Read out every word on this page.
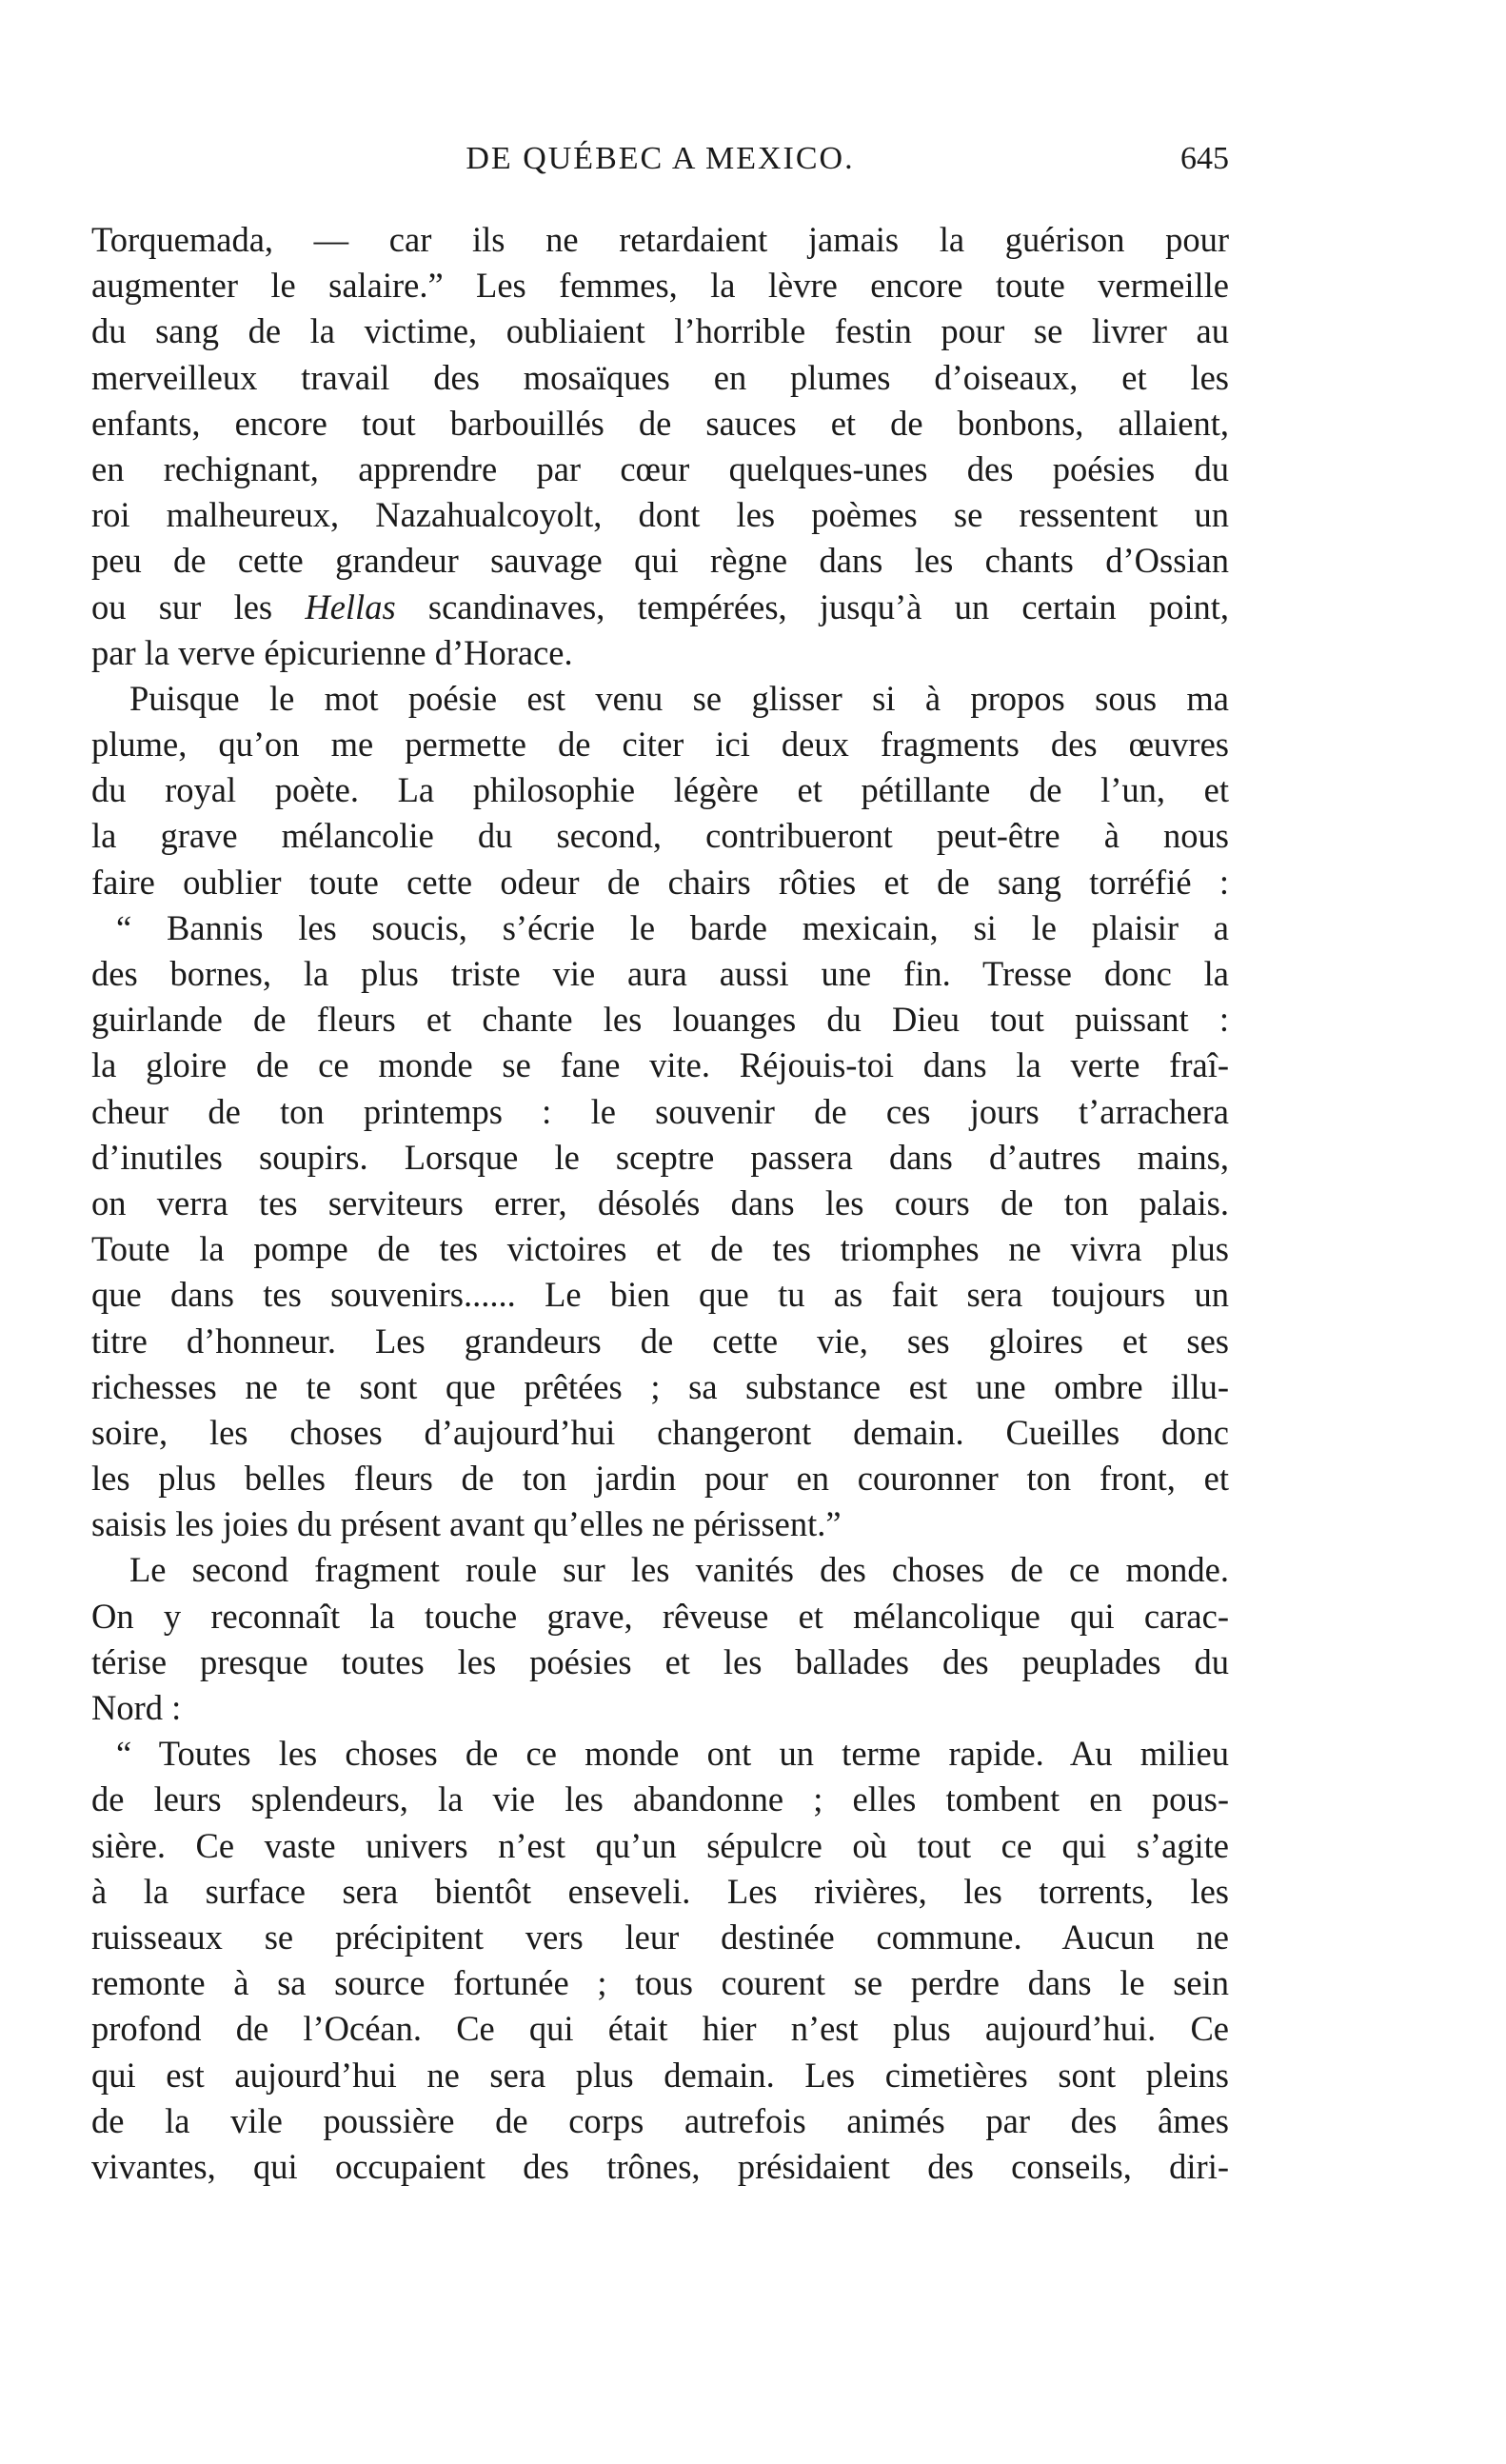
DE QUÉBEC A MEXICO.	645
Torquemada, — car ils ne retardaient jamais la guérison pour
augmenter le salaire.” Les femmes, la lèvre encore toute vermeille
du sang de la victime, oubliaient l’horrible festin pour se livrer au
merveilleux travail des mosaïques en plumes d’oiseaux, et les
enfants, encore tout barbouillés de sauces et de bonbons, allaient,
en rechignant, apprendre par cœur quelques-unes des poésies du
roi malheureux, Nazahualcoyolt, dont les poèmes se ressentent un
peu de cette grandeur sauvage qui règne dans les chants d’Ossian
ou sur les Hellas scandinaves, tempérées, jusqu’à un certain point,
par la verve épicurienne d’Horace.
Puisque le mot poésie est venu se glisser si à propos sous ma
plume, qu’on me permette de citer ici deux fragments des œuvres
du royal poète. La philosophie légère et pétillante de l’un, et
la grave mélancolie du second, contribueront peut-être à nous
faire oublier toute cette odeur de chairs rôties et de sang torréfié :
“ Bannis les soucis, s’écrie le barde mexicain, si le plaisir a
des bornes, la plus triste vie aura aussi une fin. Tresse donc la
guirlande de fleurs et chante les louanges du Dieu tout puissant :
la gloire de ce monde se fane vite. Réjouis-toi dans la verte fraî-
cheur de ton printemps : le souvenir de ces jours t’arrachera
d’inutiles soupirs. Lorsque le sceptre passera dans d’autres mains,
on verra tes serviteurs errer, désolés dans les cours de ton palais.
Toute la pompe de tes victoires et de tes triomphes ne vivra plus
que dans tes souvenirs...... Le bien que tu as fait sera toujours un
titre d’honneur. Les grandeurs de cette vie, ses gloires et ses
richesses ne te sont que prêtées ; sa substance est une ombre illu-
soire, les choses d’aujourd’hui changeront demain. Cueilles donc
les plus belles fleurs de ton jardin pour en couronner ton front, et
saisis les joies du présent avant qu’elles ne périssent.”
Le second fragment roule sur les vanités des choses de ce monde.
On y reconnaît la touche grave, rêveuse et mélancolique qui carac-
térise presque toutes les poésies et les ballades des peuplades du
Nord :
“ Toutes les choses de ce monde ont un terme rapide. Au milieu
de leurs splendeurs, la vie les abandonne ; elles tombent en pous-
sière. Ce vaste univers n’est qu’un sépulcre où tout ce qui s’agite
à la surface sera bientôt enseveli. Les rivières, les torrents, les
ruisseaux se précipitent vers leur destinée commune. Aucun ne
remonte à sa source fortunée ; tous courent se perdre dans le sein
profond de l’Océan. Ce qui était hier n’est plus aujourd’hui. Ce
qui est aujourd’hui ne sera plus demain. Les cimetières sont pleins
de la vile poussière de corps autrefois animés par des âmes
vivantes, qui occupaient des trônes, présidaient des conseils, diri-
